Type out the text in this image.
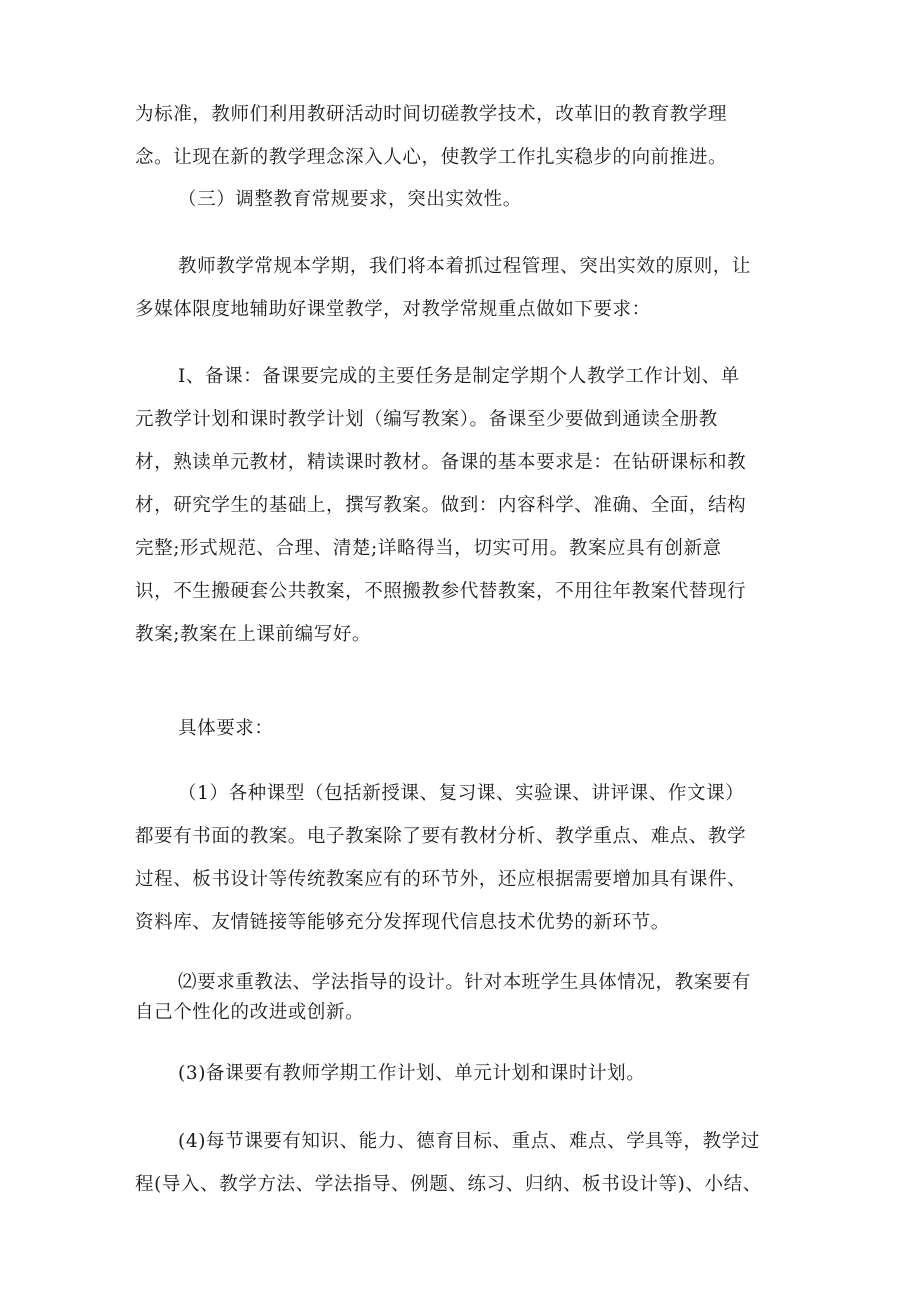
为标准，教师们利用教研活动时间切磋教学技术，改革旧的教育教学理
念。让现在新的教学理念深入人心，使教学工作扎实稳步的向前推进。

（三）调整教育常规要求，突出实效性。

教师教学常规本学期，我们将本着抓过程管理、突出实效的原则，让
多媒体限度地辅助好课堂教学，对教学常规重点做如下要求：

I、备课：备课要完成的主要任务是制定学期个人教学工作计划、单
元教学计划和课时教学计划（编写教案）。备课至少要做到通读全册教
材，熟读单元教材，精读课时教材。备课的基本要求是：在钻研课标和教
材，研究学生的基础上，撰写教案。做到：内容科学、准确、全面，结构
完整;形式规范、合理、清楚;详略得当，切实可用。教案应具有创新意
识，不生搬硬套公共教案，不照搬教参代替教案，不用往年教案代替现行
教案;教案在上课前编写好。

具体要求：

（1）各种课型（包括新授课、复习课、实验课、讲评课、作文课）
都要有书面的教案。电子教案除了要有教材分析、教学重点、难点、教学
过程、板书设计等传统教案应有的环节外，还应根据需要增加具有课件、
资料库、友情链接等能够充分发挥现代信息技术优势的新环节。

⑵要求重教法、学法指导的设计。针对本班学生具体情况，教案要有
自己个性化的改进或创新。

(3)备课要有教师学期工作计划、单元计划和课时计划。

(4)每节课要有知识、能力、德育目标、重点、难点、学具等，教学过
程(导入、教学方法、学法指导、例题、练习、归纳、板书设计等)、小结、
